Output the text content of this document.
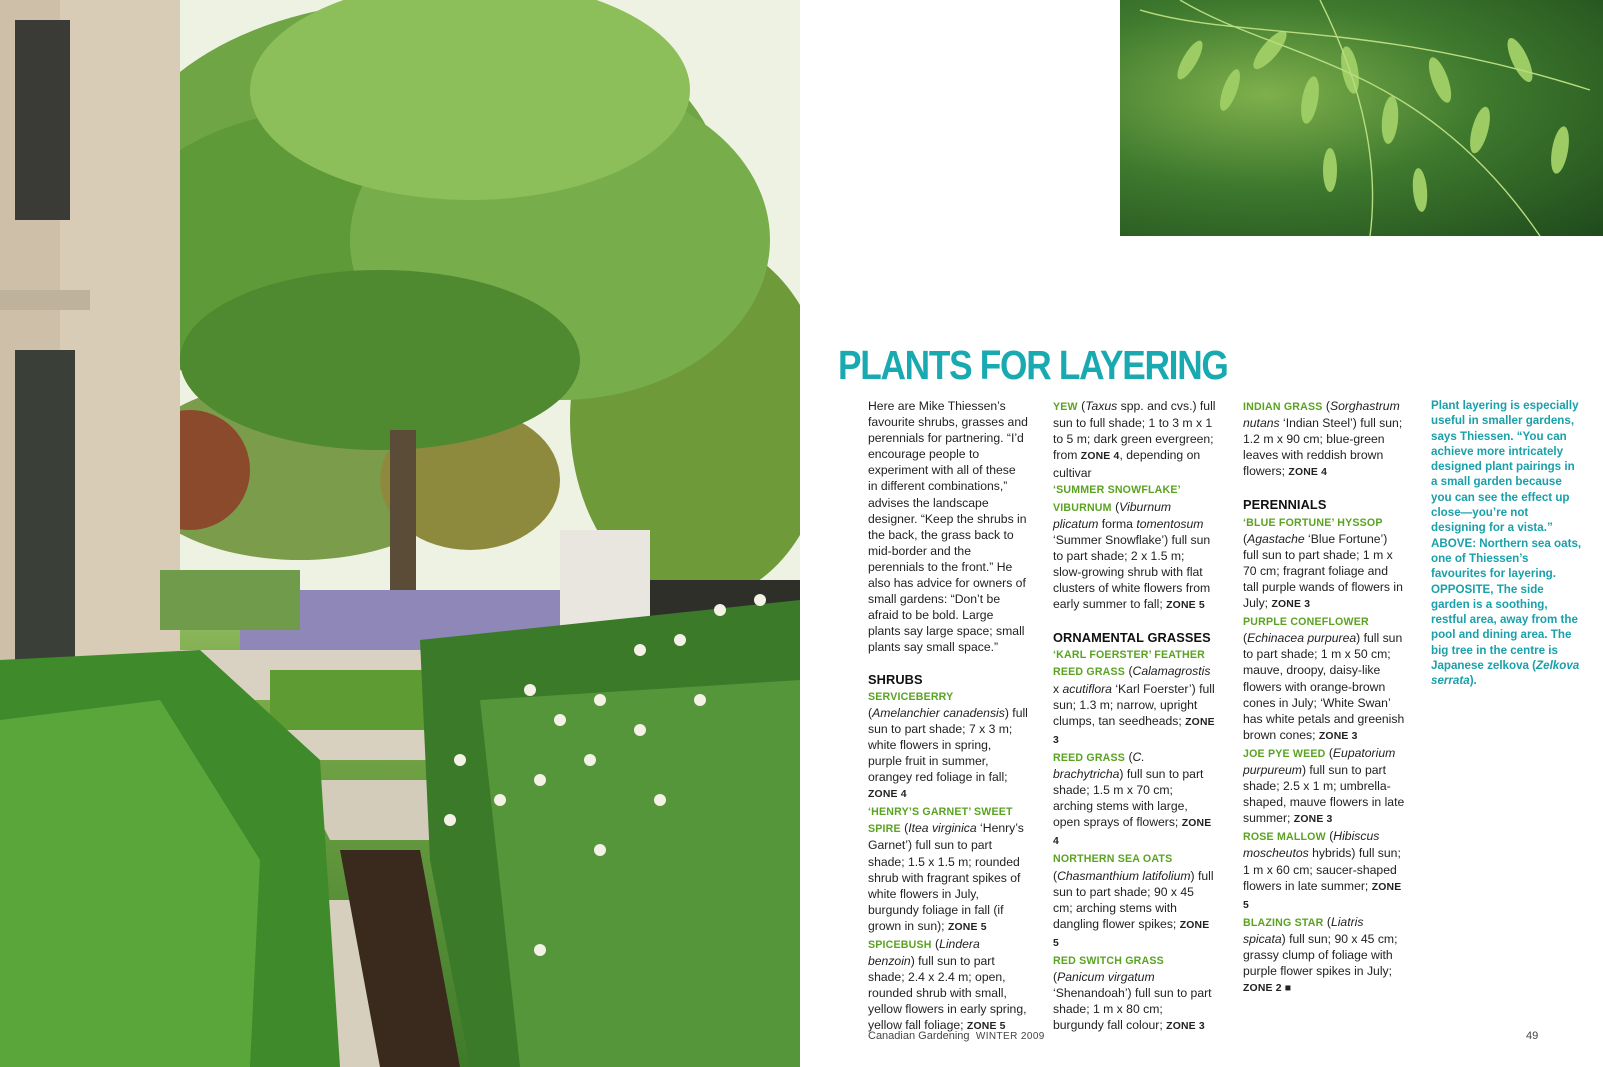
PLANTS FOR LAYERING

Here are Mike Thiessen’s favourite shrubs, grasses and perennials for partnering. “I’d encourage people to experiment with all of these in different combinations,” advises the landscape designer. “Keep the shrubs in the back, the grass back to mid-border and the perennials to the front.” He also has advice for owners of small gardens: “Don’t be afraid to be bold. Large plants say large space; small plants say small space.”

SHRUBS

SERVICEBERRY (Amelanchier canadensis) full sun to part shade; 7 x 3 m; white flowers in spring, purple fruit in summer, orangey red foliage in fall; ZONE 4

‘HENRY’S GARNET’ SWEET SPIRE (Itea virginica ‘Henry’s Garnet’) full sun to part shade; 1.5 x 1.5 m; rounded shrub with fragrant spikes of white flowers in July, burgundy foliage in fall (if grown in sun); ZONE 5

SPICEBUSH (Lindera benzoin) full sun to part shade; 2.4 x 2.4 m; open, rounded shrub with small, yellow flowers in early spring, yellow fall foliage; ZONE 5

YEW (Taxus spp. and cvs.) full sun to full shade; 1 to 3 m x 1 to 5 m; dark green evergreen; from ZONE 4, depending on cultivar

‘SUMMER SNOWFLAKE’ VIBURNUM (Viburnum plicatum forma tomentosum ‘Summer Snowflake’) full sun to part shade; 2 x 1.5 m; slow-growing shrub with flat clusters of white flowers from early summer to fall; ZONE 5

ORNAMENTAL GRASSES

‘KARL FOERSTER’ FEATHER REED GRASS (Calamagrostis x acutiflora ‘Karl Foerster’) full sun; 1.3 m; narrow, upright clumps, tan seedheads; ZONE 3

REED GRASS (C. brachytricha) full sun to part shade; 1.5 m x 70 cm; arching stems with large, open sprays of flowers; ZONE 4

NORTHERN SEA OATS (Chasmanthium latifolium) full sun to part shade; 90 x 45 cm; arching stems with dangling flower spikes; ZONE 5

RED SWITCH GRASS (Panicum virgatum ‘Shenandoah’) full sun to part shade; 1 m x 80 cm; burgundy fall colour; ZONE 3

INDIAN GRASS (Sorghastrum nutans ‘Indian Steel’) full sun; 1.2 m x 90 cm; blue-green leaves with reddish brown flowers; ZONE 4

PERENNIALS

‘BLUE FORTUNE’ HYSSOP (Agastache ‘Blue Fortune’) full sun to part shade; 1 m x 70 cm; fragrant foliage and tall purple wands of flowers in July; ZONE 3

PURPLE CONEFLOWER (Echinacea purpurea) full sun to part shade; 1 m x 50 cm; mauve, droopy, daisy-like flowers with orange-brown cones in July; ‘White Swan’ has white petals and greenish brown cones; ZONE 3

JOE PYE WEED (Eupatorium purpureum) full sun to part shade; 2.5 x 1 m; umbrella-shaped, mauve flowers in late summer; ZONE 3

ROSE MALLOW (Hibiscus moscheutos hybrids) full sun; 1 m x 60 cm; saucer-shaped flowers in late summer; ZONE 5

BLAZING STAR (Liatris spicata) full sun; 90 x 45 cm; grassy clump of foliage with purple flower spikes in July; ZONE 2 ■

Plant layering is especially useful in smaller gardens, says Thiessen. “You can achieve more intricately designed plant pairings in a small garden because you can see the effect up close—you’re not designing for a vista.” ABOVE: Northern sea oats, one of Thiessen’s favourites for layering. OPPOSITE, The side garden is a soothing, restful area, away from the pool and dining area. The big tree in the centre is Japanese zelkova (Zelkova serrata).

Canadian Gardening WINTER 2009	49
